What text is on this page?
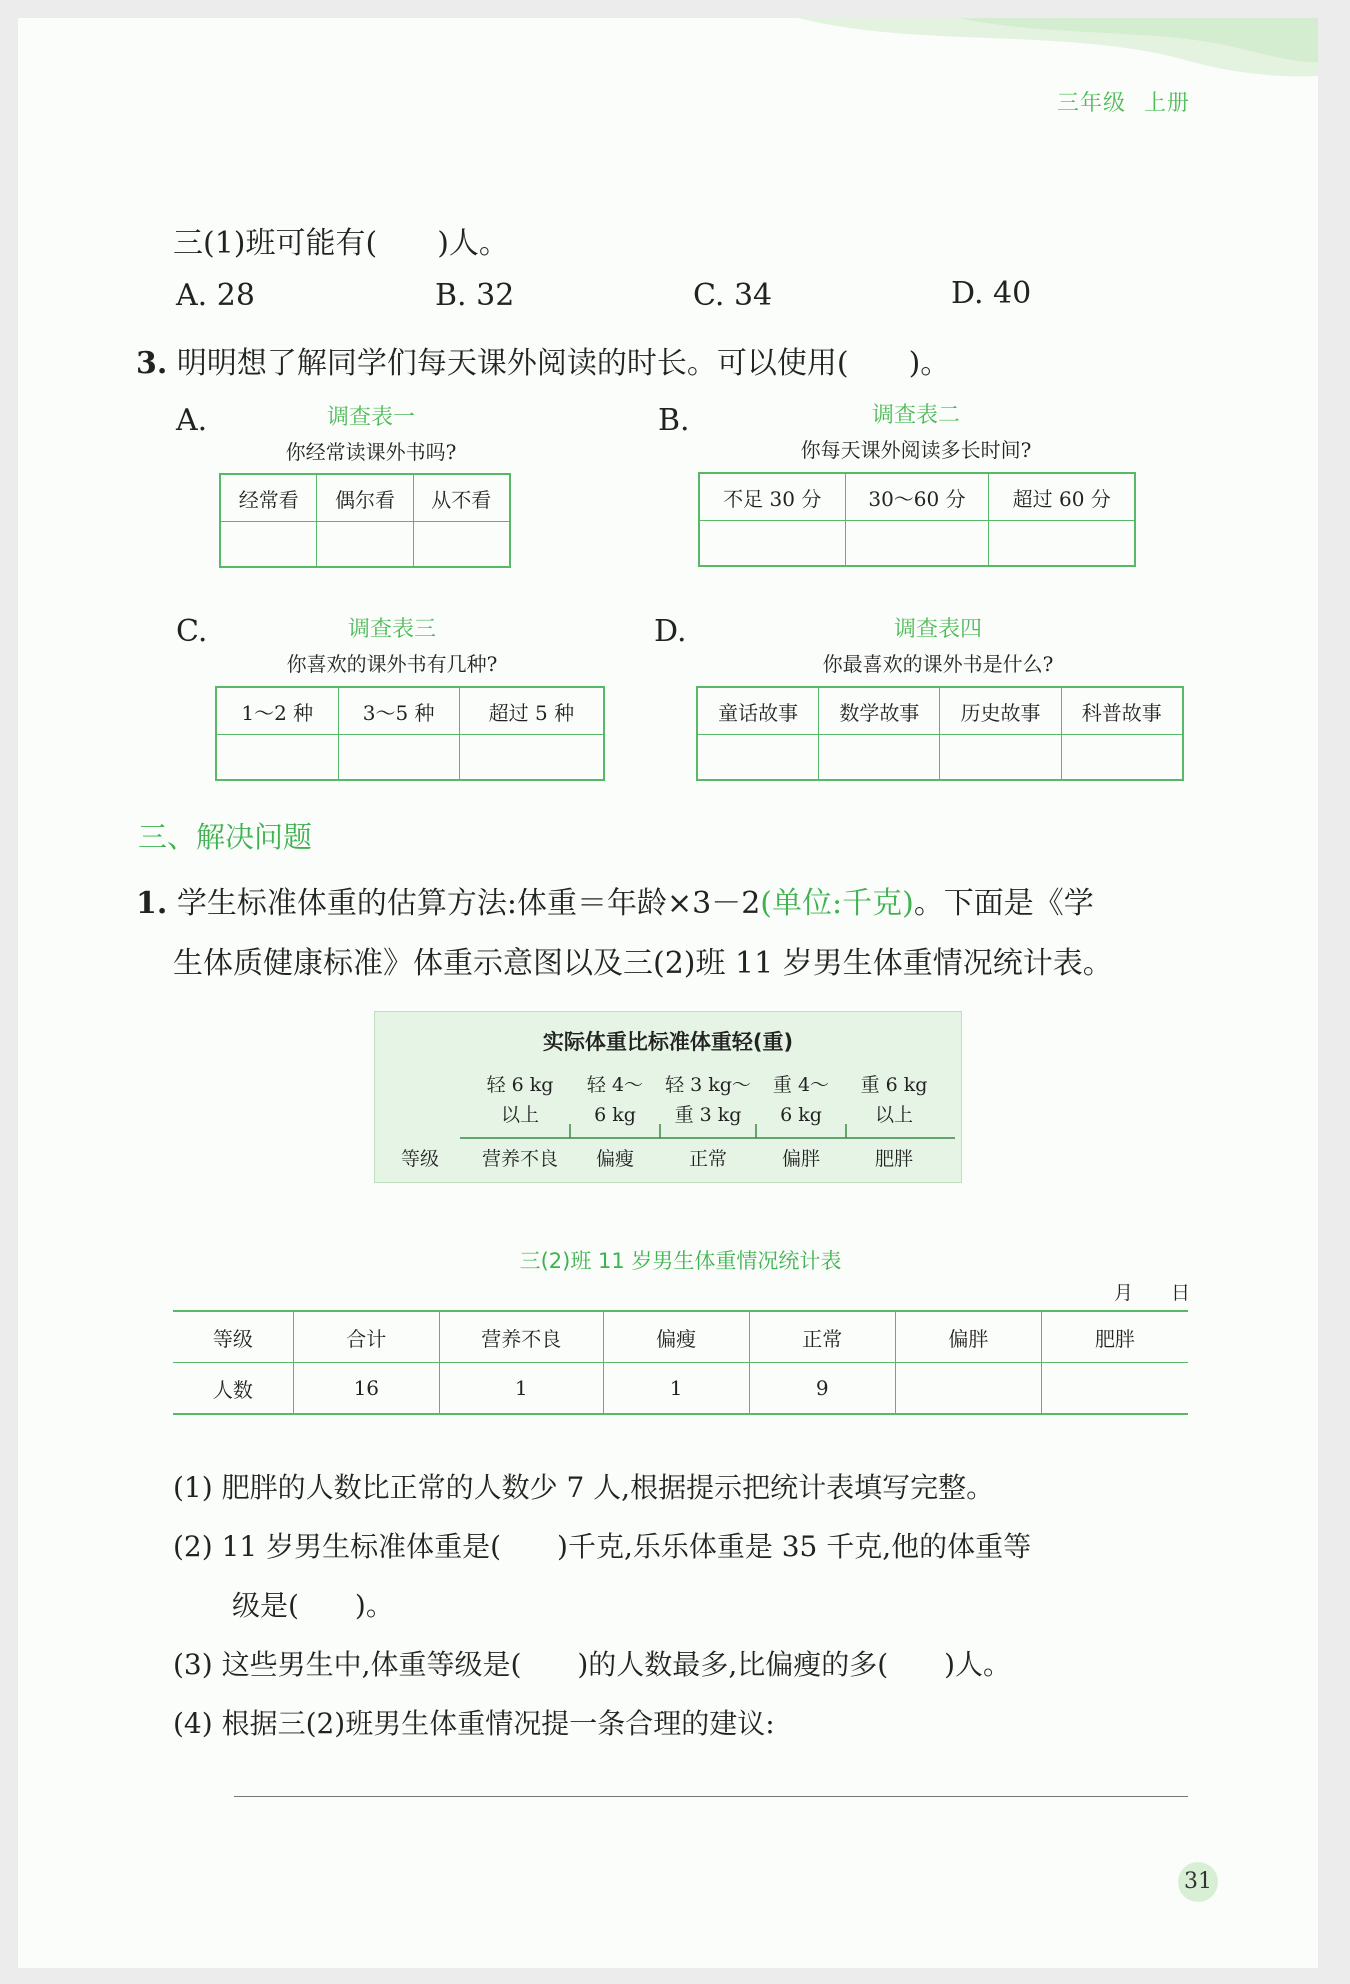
三年级 上册
三(1)班可能有(　　)人。
A. 28	B. 32	C. 34	D. 40
3. 明明想了解同学们每天课外阅读的时长。可以使用(　　)。
A.	调查表一
你经常读课外书吗?
经常看	偶尔看	从不看

B.	调查表二
你每天课外阅读多长时间?
不足 30 分	30～60 分	超过 60 分

C.	调查表三
你喜欢的课外书有几种?
1～2 种	3～5 种	超过 5 种

D.	调查表四
你最喜欢的课外书是什么?
童话故事	数学故事	历史故事	科普故事

三、解决问题
1. 学生标准体重的估算方法:体重＝年龄×3－2(单位:千克)。下面是《学
生体质健康标准》体重示意图以及三(2)班 11 岁男生体重情况统计表。
实际体重比标准体重轻(重)
轻 6 kg
以上
轻 4～
6 kg
轻 3 kg～
重 3 kg
重 4～
6 kg
重 6 kg
以上
等级	营养不良	偏瘦	正常	偏胖	肥胖
三(2)班 11 岁男生体重情况统计表
月　　日
等级	合计	营养不良	偏瘦	正常	偏胖	肥胖
人数	16	1	1	9		
(1) 肥胖的人数比正常的人数少 7 人,根据提示把统计表填写完整。
(2) 11 岁男生标准体重是(　　)千克,乐乐体重是 35 千克,他的体重等
级是(　　)。
(3) 这些男生中,体重等级是(　　)的人数最多,比偏瘦的多(　　)人。
(4) 根据三(2)班男生体重情况提一条合理的建议:
31
